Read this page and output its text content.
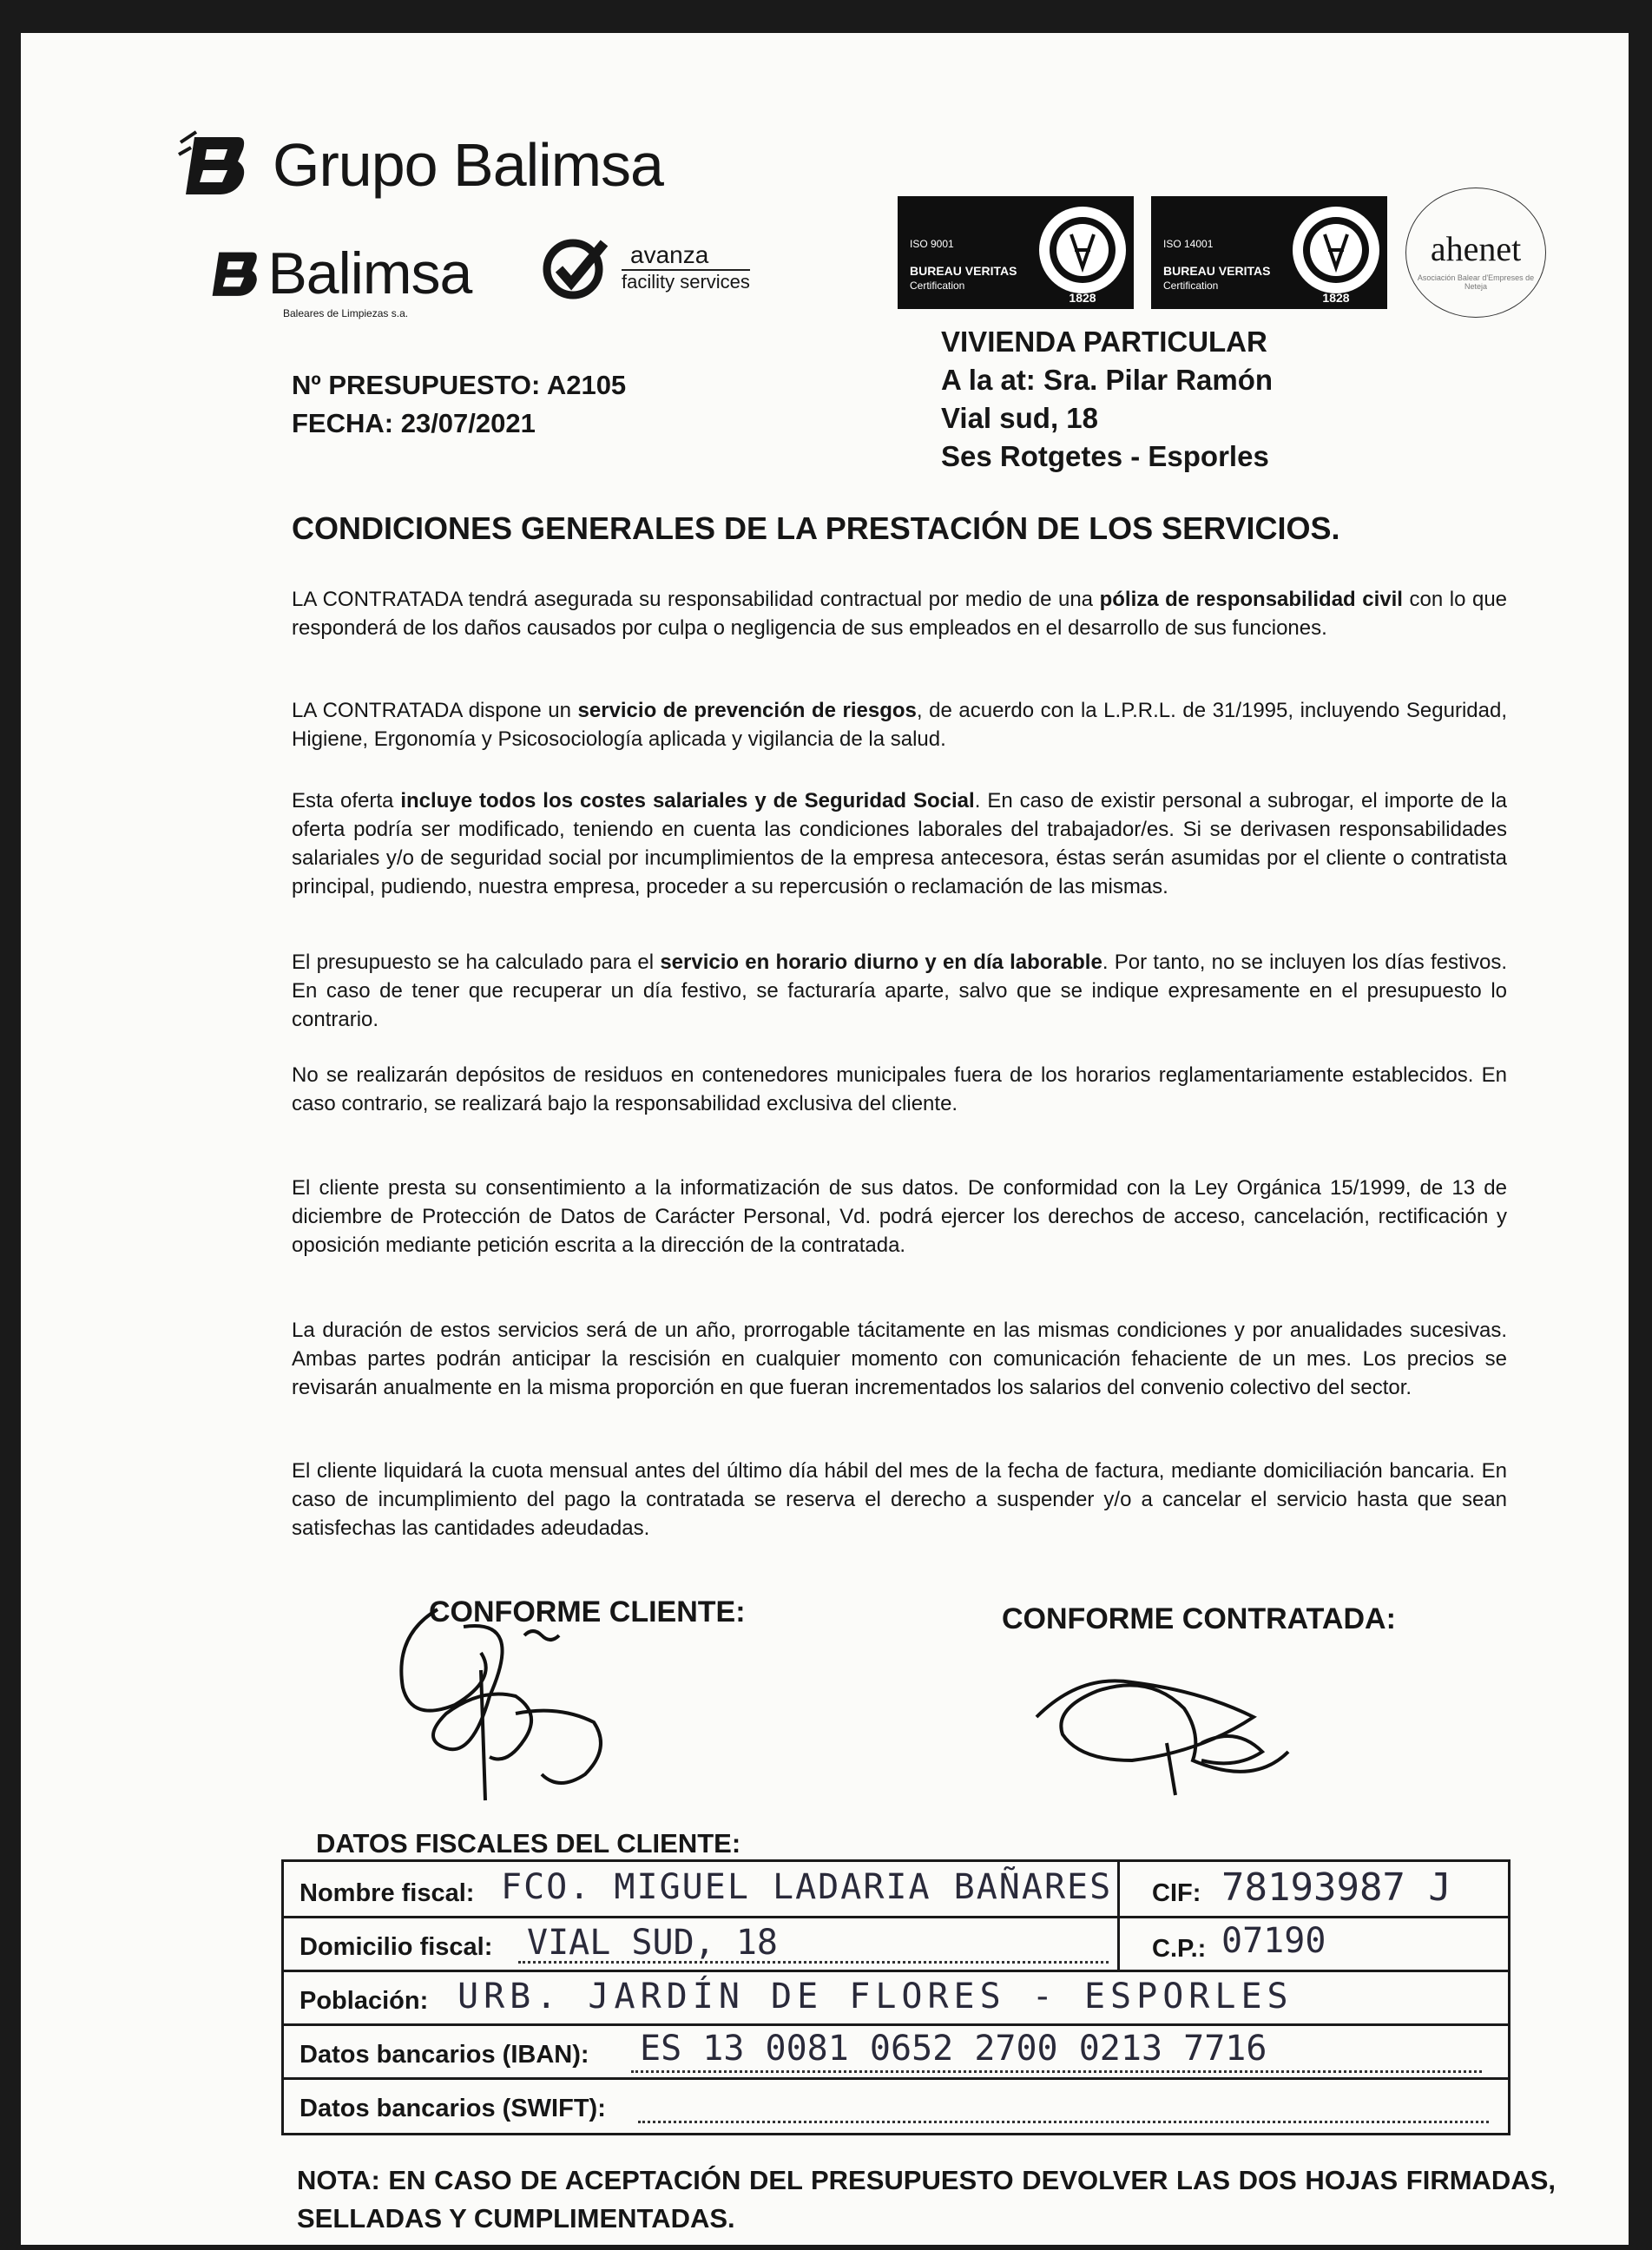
Grupo Balimsa
Balimsa
Baleares de Limpiezas s.a.
avanza
facility services
ISO 9001
BUREAU VERITAS
Certification
1828
ISO 14001
BUREAU VERITAS
Certification
1828
ahenet
Asociación Balear d'Empreses de Neteja
Nº PRESUPUESTO: A2105
FECHA: 23/07/2021
VIVIENDA PARTICULAR
A la at: Sra. Pilar Ramón
Vial sud, 18
Ses Rotgetes - Esporles
CONDICIONES GENERALES DE LA PRESTACIÓN DE LOS SERVICIOS.
LA CONTRATADA tendrá asegurada su responsabilidad contractual por medio de una póliza de responsabilidad civil con lo que responderá de los daños causados por culpa o negligencia de sus empleados en el desarrollo de sus funciones.
LA CONTRATADA dispone un servicio de prevención de riesgos, de acuerdo con la L.P.R.L. de 31/1995, incluyendo Seguridad, Higiene, Ergonomía y Psicosociología aplicada y vigilancia de la salud.
Esta oferta incluye todos los costes salariales y de Seguridad Social. En caso de existir personal a subrogar, el importe de la oferta podría ser modificado, teniendo en cuenta las condiciones laborales del trabajador/es. Si se derivasen responsabilidades salariales y/o de seguridad social por incumplimientos de la empresa antecesora, éstas serán asumidas por el cliente o contratista principal, pudiendo, nuestra empresa, proceder a su repercusión o reclamación de las mismas.
El presupuesto se ha calculado para el servicio en horario diurno y en día laborable. Por tanto, no se incluyen los días festivos. En caso de tener que recuperar un día festivo, se facturaría aparte, salvo que se indique expresamente en el presupuesto lo contrario.
No se realizarán depósitos de residuos en contenedores municipales fuera de los horarios reglamentariamente establecidos. En caso contrario, se realizará bajo la responsabilidad exclusiva del cliente.
El cliente presta su consentimiento a la informatización de sus datos. De conformidad con la Ley Orgánica 15/1999, de 13 de diciembre de Protección de Datos de Carácter Personal, Vd. podrá ejercer los derechos de acceso, cancelación, rectificación y oposición mediante petición escrita a la dirección de la contratada.
La duración de estos servicios será de un año, prorrogable tácitamente en las mismas condiciones y por anualidades sucesivas. Ambas partes podrán anticipar la rescisión en cualquier momento con comunicación fehaciente de un mes. Los precios se revisarán anualmente en la misma proporción en que fueran incrementados los salarios del convenio colectivo del sector.
El cliente liquidará la cuota mensual antes del último día hábil del mes de la fecha de factura, mediante domiciliación bancaria. En caso de incumplimiento del pago la contratada se reserva el derecho a suspender y/o a cancelar el servicio hasta que sean satisfechas las cantidades adeudadas.
CONFORME CLIENTE:	CONFORME CONTRATADA:
DATOS FISCALES DEL CLIENTE:
Nombre fiscal: FCO. MIGUEL LADARIA BAÑARES CIF: 78193987 J
Domicilio fiscal: VIAL SUD, 18	C.P.: 07190
Población: URB. JARDÍN DE FLORES - ESPORLES
Datos bancarios (IBAN): ES 13 0081 0652 2700 0213 7716
Datos bancarios (SWIFT):
NOTA: EN CASO DE ACEPTACIÓN DEL PRESUPUESTO DEVOLVER LAS DOS HOJAS FIRMADAS, SELLADAS Y CUMPLIMENTADAS.
